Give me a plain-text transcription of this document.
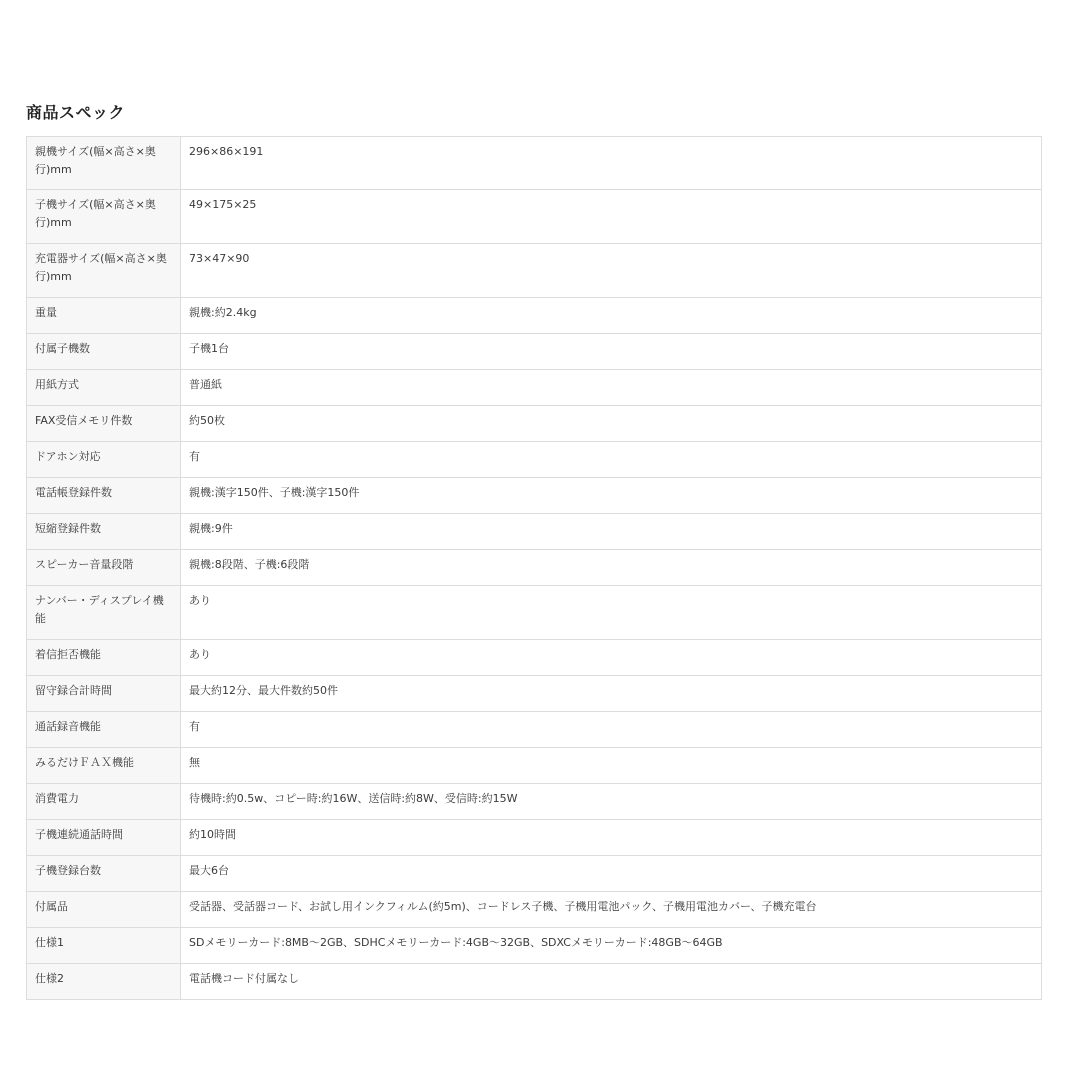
商品スペック
親機サイズ(幅×高さ×奥行)mm	296×86×191
子機サイズ(幅×高さ×奥行)mm	49×175×25
充電器サイズ(幅×高さ×奥行)mm	73×47×90
重量	親機:約2.4kg
付属子機数	子機1台
用紙方式	普通紙
FAX受信メモリ件数	約50枚
ドアホン対応	有
電話帳登録件数	親機:漢字150件、子機:漢字150件
短縮登録件数	親機:9件
スピーカー音量段階	親機:8段階、子機:6段階
ナンバー・ディスプレイ機能	あり
着信拒否機能	あり
留守録合計時間	最大約12分、最大件数約50件
通話録音機能	有
みるだけＦＡＸ機能	無
消費電力	待機時:約0.5w、コピー時:約16W、送信時:約8W、受信時:約15W
子機連続通話時間	約10時間
子機登録台数	最大6台
付属品	受話器、受話器コード、お試し用インクフィルム(約5m)、コードレス子機、子機用電池パック、子機用電池カバー、子機充電台
仕様1	SDメモリーカード:8MB〜2GB、SDHCメモリーカード:4GB〜32GB、SDXCメモリーカード:48GB〜64GB
仕様2	電話機コード付属なし
